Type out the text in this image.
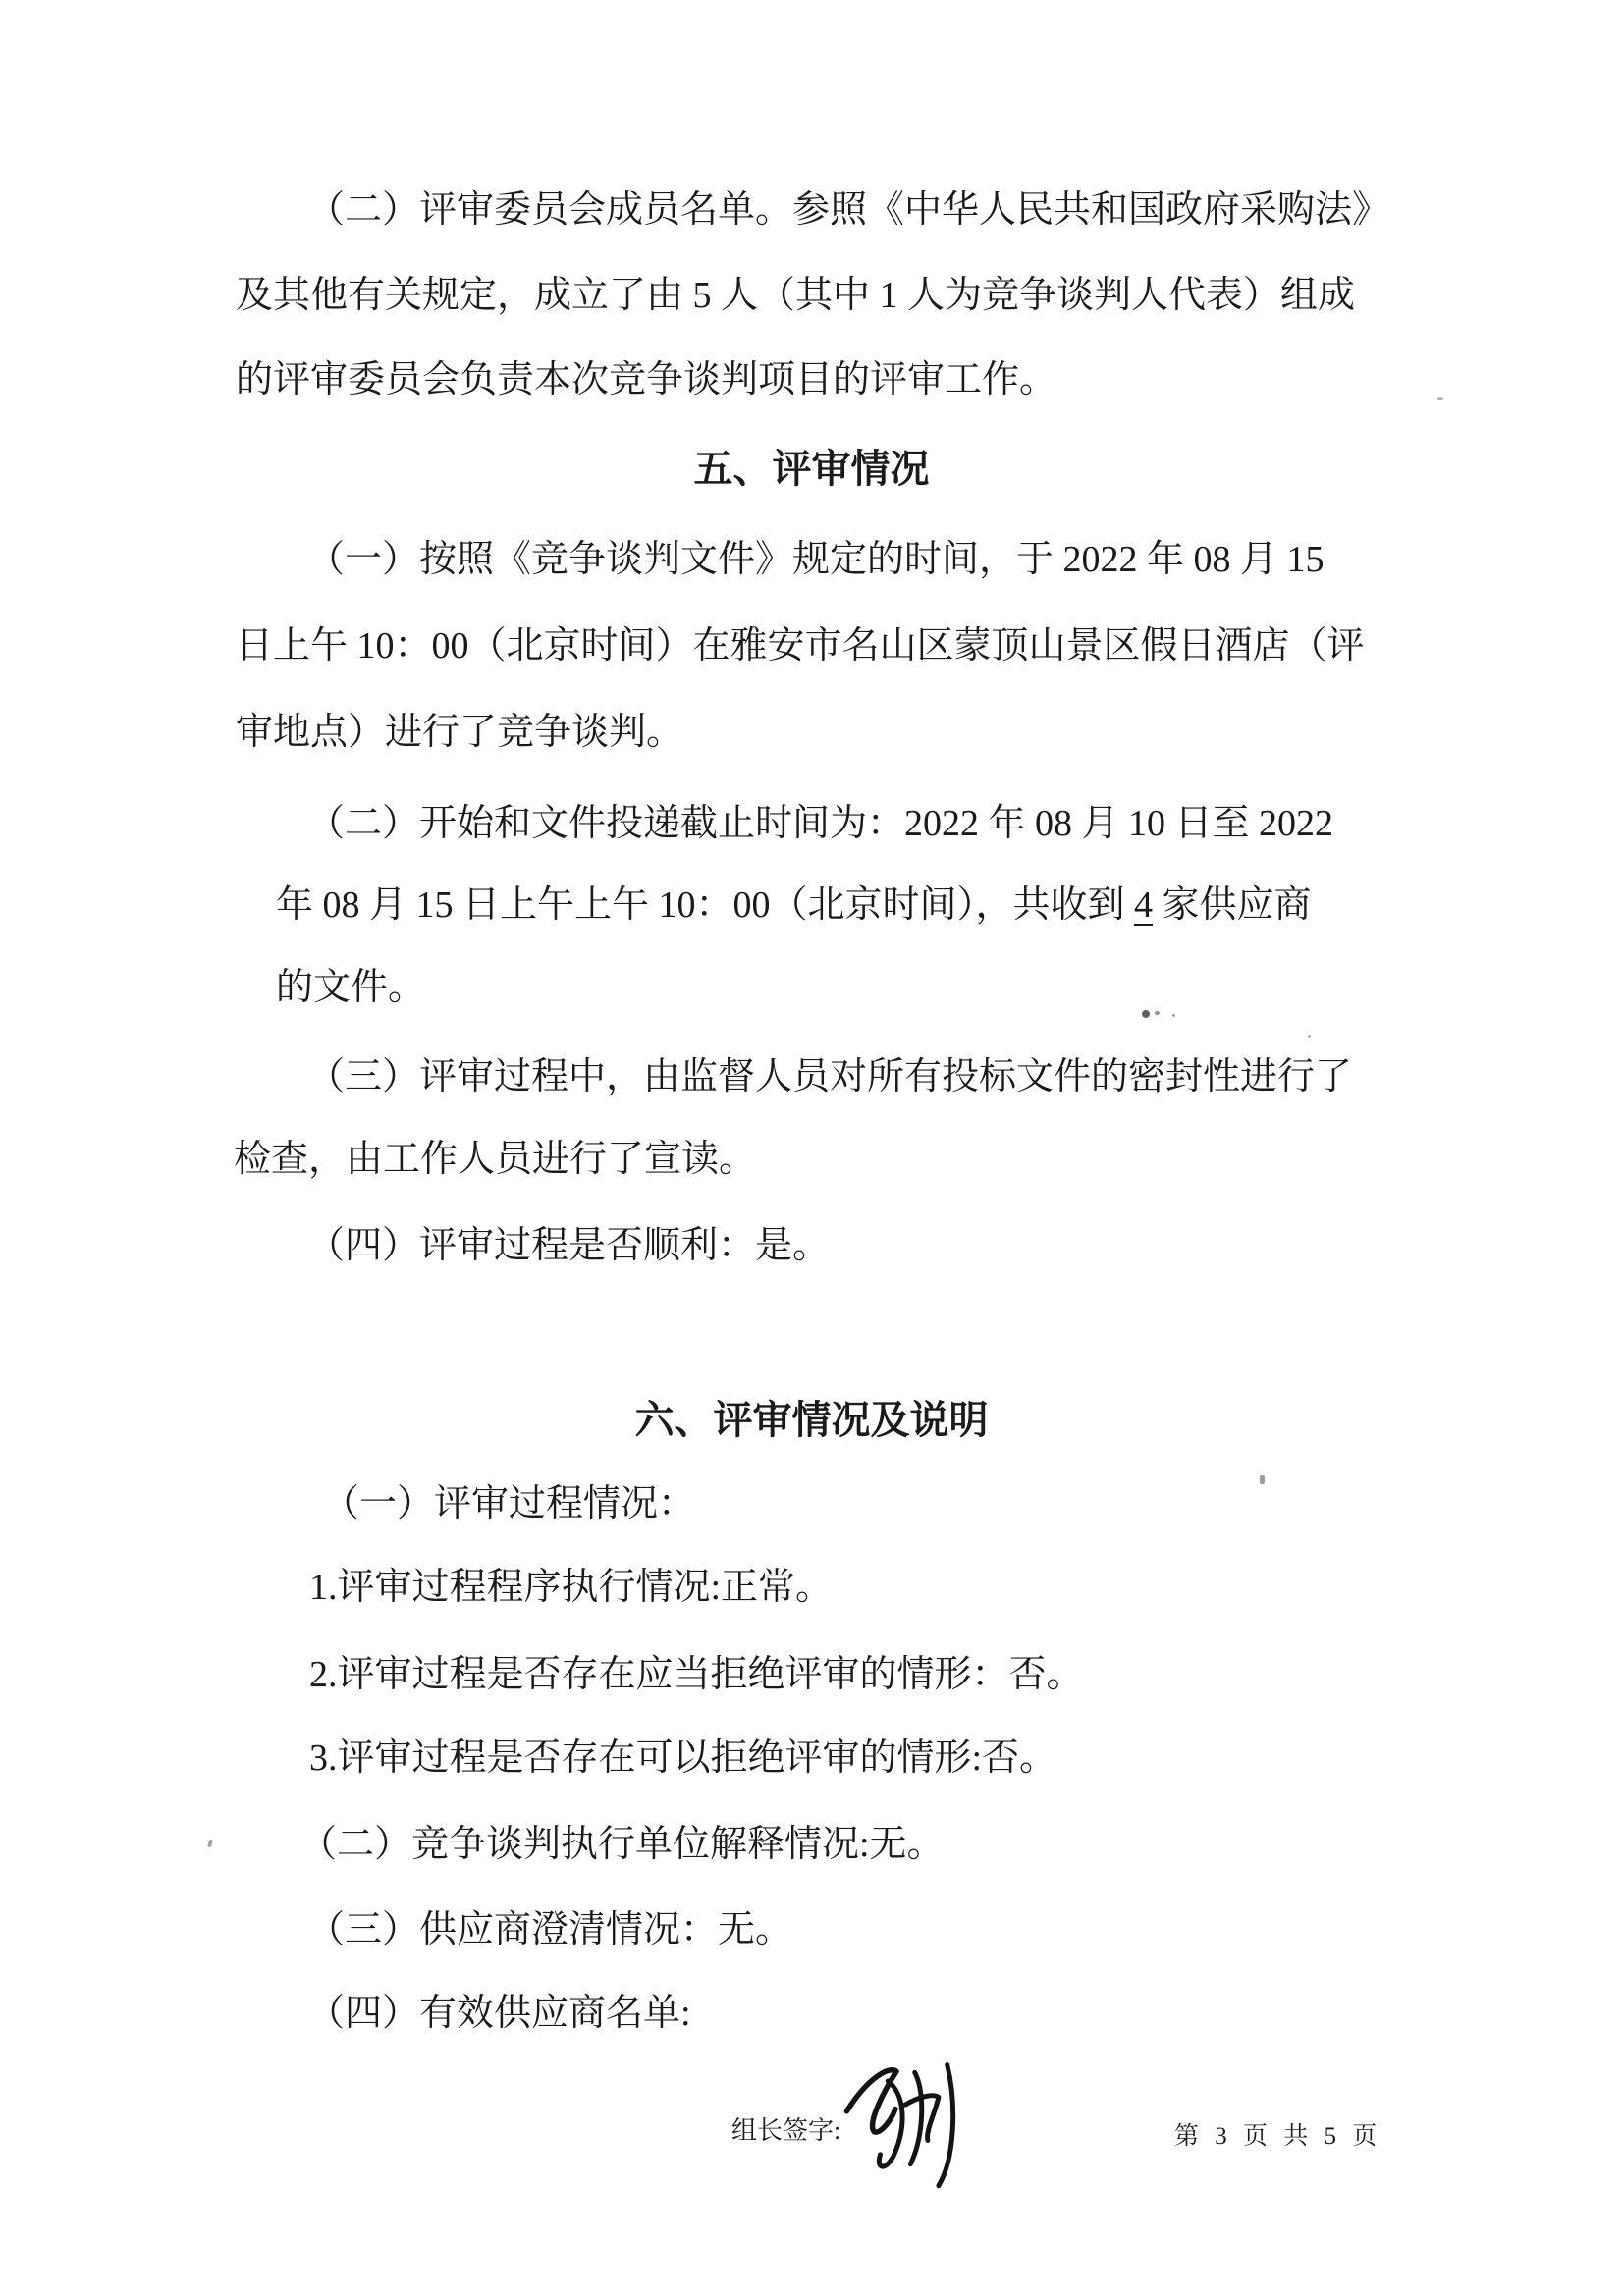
（二）评审委员会成员名单。参照《中华人民共和国政府采购法》
及其他有关规定，成立了由 5 人（其中 1 人为竞争谈判人代表）组成
的评审委员会负责本次竞争谈判项目的评审工作。
五、评审情况
（一）按照《竞争谈判文件》规定的时间，于 2022 年 08 月 15
日上午 10：00（北京时间）在雅安市名山区蒙顶山景区假日酒店（评
审地点）进行了竞争谈判。
（二）开始和文件投递截止时间为：2022 年 08 月 10 日至 2022
年 08 月 15 日上午上午 10：00（北京时间），共收到 4 家供应商
的文件。
（三）评审过程中，由监督人员对所有投标文件的密封性进行了
检查，由工作人员进行了宣读。
（四）评审过程是否顺利：是。
六、评审情况及说明
（一）评审过程情况：
1.评审过程程序执行情况:正常。
2.评审过程是否存在应当拒绝评审的情形：否。
3.评审过程是否存在可以拒绝评审的情形:否。
（二）竞争谈判执行单位解释情况:无。
（三）供应商澄清情况：无。
（四）有效供应商名单:
组长签字:	第 3 页 共 5 页
